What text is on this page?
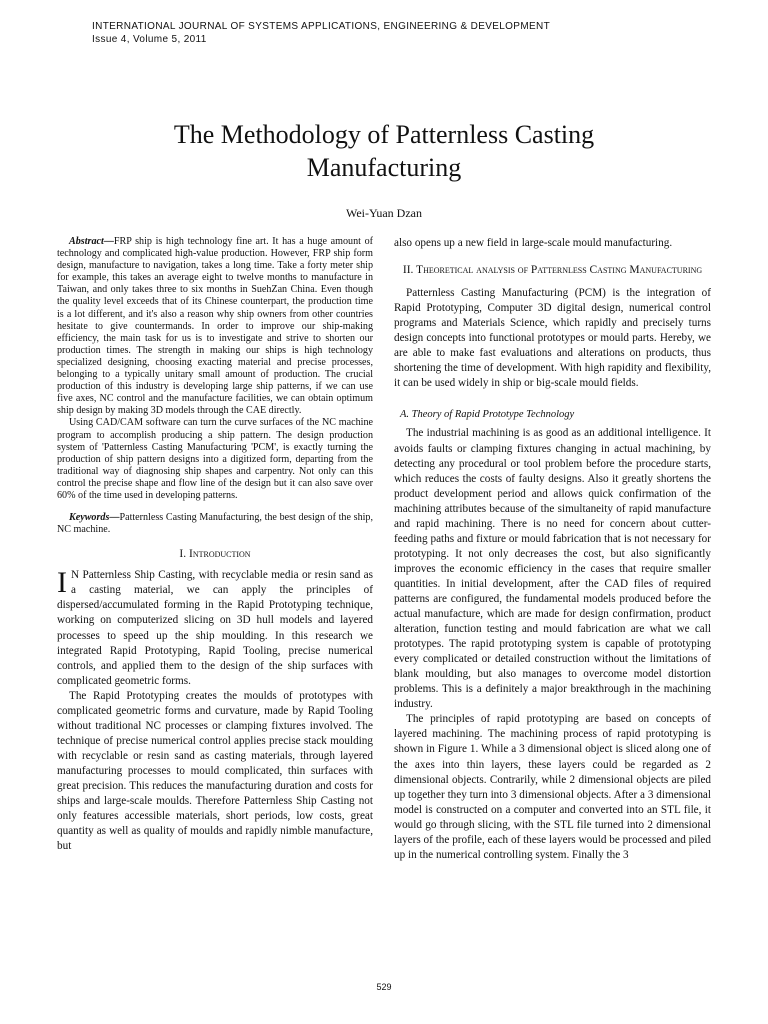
INTERNATIONAL JOURNAL OF SYSTEMS APPLICATIONS, ENGINEERING & DEVELOPMENT
Issue 4, Volume 5, 2011
The Methodology of Patternless Casting Manufacturing
Wei-Yuan Dzan

Abstract—FRP ship is high technology fine art. It has a huge amount of technology and complicated high-value production. However, FRP ship form design, manufacture to navigation, takes a long time. Take a forty meter ship for example, this takes an average eight to twelve months to manufacture in Taiwan, and only takes three to six months in SuehZan China. Even though the quality level exceeds that of its Chinese counterpart, the production time is a lot different, and it's also a reason why ship owners from other countries hesitate to give countermands. In order to improve our ship-making efficiency, the main task for us is to investigate and strive to shorten our production times. The strength in making our ships is high technology specialized designing, choosing exacting material and precise processes, belonging to a typically unitary small amount of production. The crucial production of this industry is developing large ship patterns, if we can use five axes, NC control and the manufacture facilities, we can obtain optimum ship design by making 3D models through the CAE directly.

Using CAD/CAM software can turn the curve surfaces of the NC machine program to accomplish producing a ship pattern. The design production system of 'Patternless Casting Manufacturing 'PCM', is exactly turning the production of ship pattern designs into a digitized form, departing from the traditional way of diagnosing ship shapes and carpentry. Not only can this control the precise shape and flow line of the design but it can also save over 60% of the time used in developing patterns.

Keywords—Patternless Casting Manufacturing, the best design of the ship, NC machine.

I. Introduction

I N Patternless Ship Casting, with recyclable media or resin sand as a casting material, we can apply the principles of dispersed/accumulated forming in the Rapid Prototyping technique, working on computerized slicing on 3D hull models and layered processes to speed up the ship moulding. In this research we integrated Rapid Prototyping, Rapid Tooling, precise numerical controls, and applied them to the design of the ship surfaces with complicated geometric forms.

The Rapid Prototyping creates the moulds of prototypes with complicated geometric forms and curvature, made by Rapid Tooling without traditional NC processes or clamping fixtures involved. The technique of precise numerical control applies precise stack moulding with recyclable or resin sand as casting materials, through layered manufacturing processes to mould complicated, thin surfaces with great precision. This reduces the manufacturing duration and costs for ships and large-scale moulds. Therefore Patternless Ship Casting not only features accessible materials, short periods, low costs, great quantity as well as quality of moulds and rapidly nimble manufacture, but

also opens up a new field in large-scale mould manufacturing.

II. Theoretical analysis of Patternless Casting Manufacturing

Patternless Casting Manufacturing (PCM) is the integration of Rapid Prototyping, Computer 3D digital design, numerical control programs and Materials Science, which rapidly and precisely turns design concepts into functional prototypes or mould parts. Hereby, we are able to make fast evaluations and alterations on products, thus shortening the time of development. With high rapidity and flexibility, it can be used widely in ship or big-scale mould fields.

A. Theory of Rapid Prototype Technology

The industrial machining is as good as an additional intelligence. It avoids faults or clamping fixtures changing in actual machining, by detecting any procedural or tool problem before the procedure starts, which reduces the costs of faulty designs. Also it greatly shortens the product development period and allows quick confirmation of the machining attributes because of the simultaneity of rapid manufacture and rapid machining. There is no need for concern about cutter-feeding paths and fixture or mould fabrication that is not necessary for prototyping. It not only decreases the cost, but also significantly improves the economic efficiency in the cases that require smaller quantities. In initial development, after the CAD files of required patterns are configured, the fundamental models produced before the actual manufacture, which are made for design confirmation, product alteration, function testing and mould fabrication are what we call prototypes. The rapid prototyping system is capable of prototyping every complicated or detailed construction without the limitations of blank moulding, but also manages to overcome model distortion problems. This is a definitely a major breakthrough in the machining industry.

The principles of rapid prototyping are based on concepts of layered machining. The machining process of rapid prototyping is shown in Figure 1. While a 3 dimensional object is sliced along one of the axes into thin layers, these layers could be regarded as 2 dimensional objects. Contrarily, while 2 dimensional objects are piled up together they turn into 3 dimensional objects. After a 3 dimensional model is constructed on a computer and converted into an STL file, it would go through slicing, with the STL file turned into 2 dimensional layers of the profile, each of these layers would be processed and piled up in the numerical controlling system. Finally the 3

529
